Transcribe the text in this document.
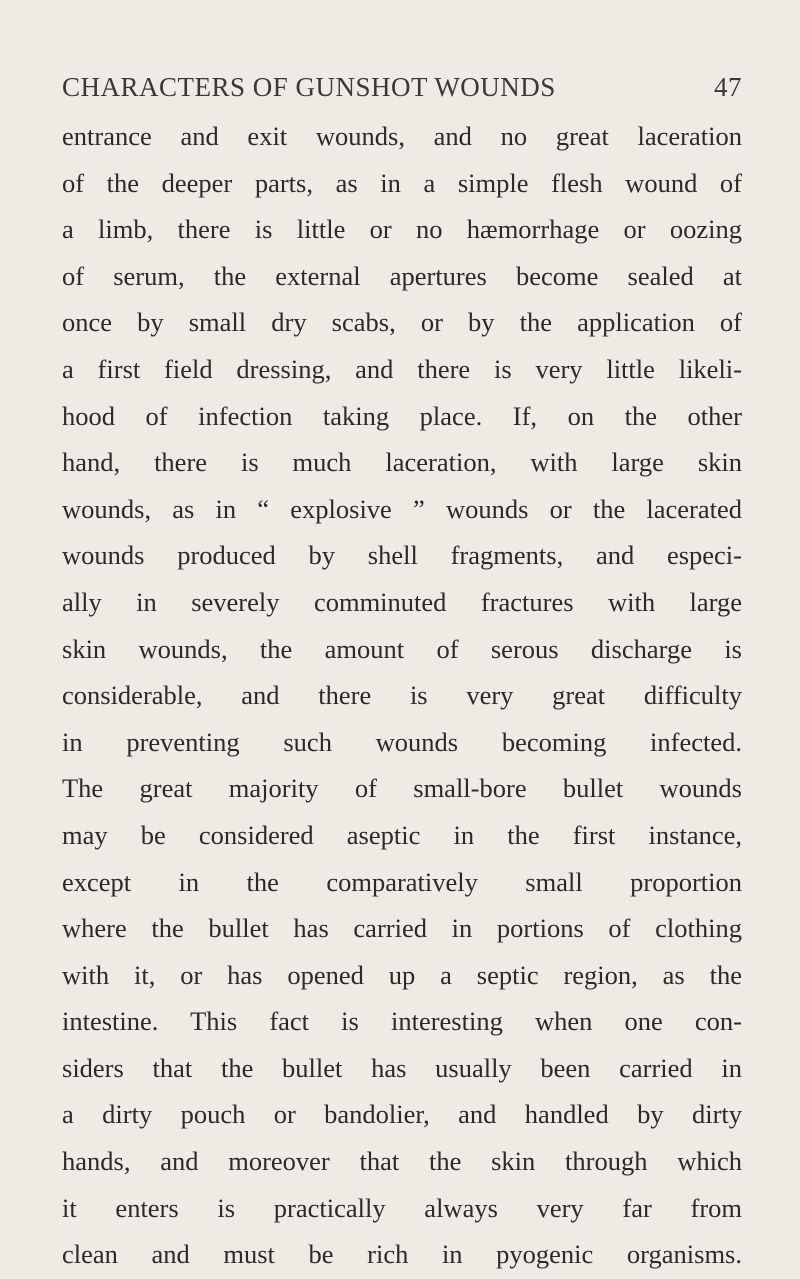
CHARACTERS OF GUNSHOT WOUNDS	47
entrance and exit wounds, and no great laceration
of the deeper parts, as in a simple flesh wound of
a limb, there is little or no hæmorrhage or oozing
of serum, the external apertures become sealed at
once by small dry scabs, or by the application of
a first field dressing, and there is very little likeli-
hood of infection taking place. If, on the other
hand, there is much laceration, with large skin
wounds, as in “ explosive ” wounds or the lacerated
wounds produced by shell fragments, and especi-
ally in severely comminuted fractures with large
skin wounds, the amount of serous discharge is
considerable, and there is very great difficulty
in preventing such wounds becoming infected.
The great majority of small-bore bullet wounds
may be considered aseptic in the first instance,
except in the comparatively small proportion
where the bullet has carried in portions of clothing
with it, or has opened up a septic region, as the
intestine. This fact is interesting when one con-
siders that the bullet has usually been carried in
a dirty pouch or bandolier, and handled by dirty
hands, and moreover that the skin through which
it enters is practically always very far from
clean and must be rich in pyogenic organisms.
